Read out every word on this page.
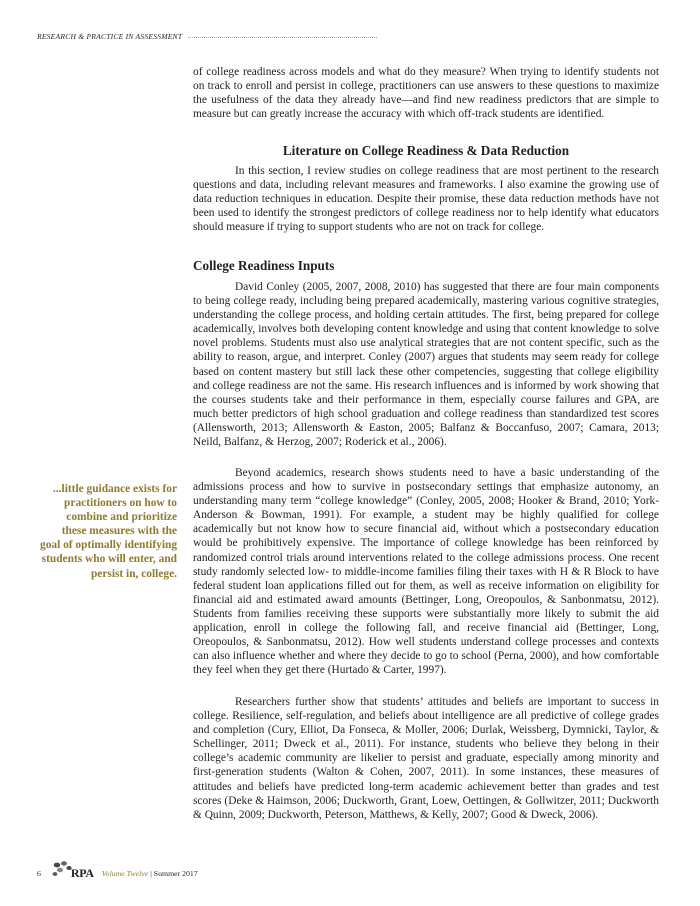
RESEARCH & PRACTICE IN ASSESSMENT

of college readiness across models and what do they measure? When trying to identify students not on track to enroll and persist in college, practitioners can use answers to these questions to maximize the usefulness of the data they already have—and find new readiness predictors that are simple to measure but can greatly increase the accuracy with which off-track students are identified.

Literature on College Readiness & Data Reduction

In this section, I review studies on college readiness that are most pertinent to the research questions and data, including relevant measures and frameworks. I also examine the growing use of data reduction techniques in education. Despite their promise, these data reduction methods have not been used to identify the strongest predictors of college readiness nor to help identify what educators should measure if trying to support students who are not on track for college.

College Readiness Inputs

David Conley (2005, 2007, 2008, 2010) has suggested that there are four main components to being college ready, including being prepared academically, mastering various cognitive strategies, understanding the college process, and holding certain attitudes. The first, being prepared for college academically, involves both developing content knowledge and using that content knowledge to solve novel problems. Students must also use analytical strategies that are not content specific, such as the ability to reason, argue, and interpret. Conley (2007) argues that students may seem ready for college based on content mastery but still lack these other competencies, suggesting that college eligibility and college readiness are not the same. His research influences and is informed by work showing that the courses students take and their performance in them, especially course failures and GPA, are much better predictors of high school graduation and college readiness than standardized test scores (Allensworth, 2013; Allensworth & Easton, 2005; Balfanz & Boccanfuso, 2007; Camara, 2013; Neild, Balfanz, & Herzog, 2007; Roderick et al., 2006).

...little guidance exists for practitioners on how to combine and prioritize these measures with the goal of optimally identifying students who will enter, and persist in, college.

Beyond academics, research shows students need to have a basic understanding of the admissions process and how to survive in postsecondary settings that emphasize autonomy, an understanding many term “college knowledge” (Conley, 2005, 2008; Hooker & Brand, 2010; York-Anderson & Bowman, 1991). For example, a student may be highly qualified for college academically but not know how to secure financial aid, without which a postsecondary education would be prohibitively expensive. The importance of college knowledge has been reinforced by randomized control trials around interventions related to the college admissions process. One recent study randomly selected low- to middle-income families filing their taxes with H & R Block to have federal student loan applications filled out for them, as well as receive information on eligibility for financial aid and estimated award amounts (Bettinger, Long, Oreopoulos, & Sanbonmatsu, 2012). Students from families receiving these supports were substantially more likely to submit the aid application, enroll in college the following fall, and receive financial aid (Bettinger, Long, Oreopoulos, & Sanbonmatsu, 2012). How well students understand college processes and contexts can also influence whether and where they decide to go to school (Perna, 2000), and how comfortable they feel when they get there (Hurtado & Carter, 1997).

Researchers further show that students’ attitudes and beliefs are important to success in college. Resilience, self-regulation, and beliefs about intelligence are all predictive of college grades and completion (Cury, Elliot, Da Fonseca, & Moller, 2006; Durlak, Weissberg, Dymnicki, Taylor, & Schellinger, 2011; Dweck et al., 2011). For instance, students who believe they belong in their college’s academic community are likelier to persist and graduate, especially among minority and first-generation students (Walton & Cohen, 2007, 2011). In some instances, these measures of attitudes and beliefs have predicted long-term academic achievement better than grades and test scores (Deke & Haimson, 2006; Duckworth, Grant, Loew, Oettingen, & Gollwitzer, 2011; Duckworth & Quinn, 2009; Duckworth, Peterson, Matthews, & Kelly, 2007; Good & Dweck, 2006).

6	RPA Volume Twelve | Summer 2017
